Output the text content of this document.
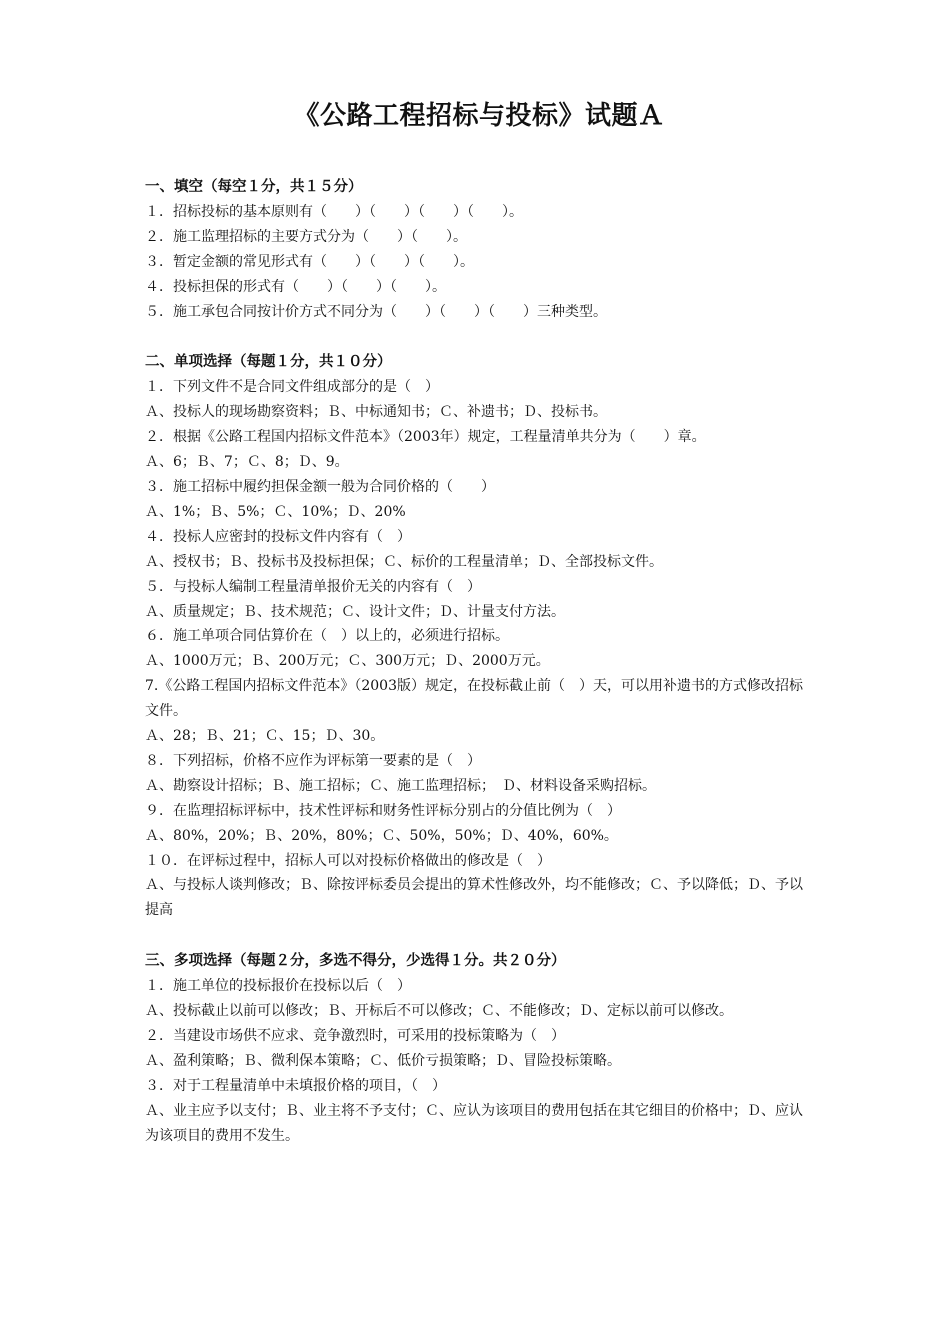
《公路工程招标与投标》试题Ａ
一、填空（每空１分，共１５分）
１．招标投标的基本原则有（　　）（　　）（　　）（　　）。
２．施工监理招标的主要方式分为（　　）（　　）。
３．暂定金额的常见形式有（　　）（　　）（　　）。
４．投标担保的形式有（　　）（　　）（　　）。
５．施工承包合同按计价方式不同分为（　　）（　　）（　　）三种类型。
二、单项选择（每题１分，共１０分）
１．下列文件不是合同文件组成部分的是（　）
Ａ、投标人的现场勘察资料；Ｂ、中标通知书；Ｃ、补遗书；Ｄ、投标书。
２．根据《公路工程国内招标文件范本》（2003年）规定，工程量清单共分为（　　）章。
Ａ、6；Ｂ、7；Ｃ、8；Ｄ、9。
３．施工招标中履约担保金额一般为合同价格的（　　）
Ａ、1%；Ｂ、5%；Ｃ、10%；Ｄ、20%
４．投标人应密封的投标文件内容有（　）
Ａ、授权书；Ｂ、投标书及投标担保；Ｃ、标价的工程量清单；Ｄ、全部投标文件。
５．与投标人编制工程量清单报价无关的内容有（　）
Ａ、质量规定；Ｂ、技术规范；Ｃ、设计文件；Ｄ、计量支付方法。
６．施工单项合同估算价在（　）以上的，必须进行招标。
Ａ、1000万元；Ｂ、200万元；Ｃ、300万元；Ｄ、2000万元。
7.《公路工程国内招标文件范本》（2003版）规定，在投标截止前（　）天，可以用补遗书的方式修改招标文件。
Ａ、28；Ｂ、21；Ｃ、15；Ｄ、30。
８．下列招标，价格不应作为评标第一要素的是（　）
Ａ、勘察设计招标；Ｂ、施工招标；Ｃ、施工监理招标；　Ｄ、材料设备采购招标。
９．在监理招标评标中，技术性评标和财务性评标分别占的分值比例为（　）
Ａ、80%，20%；Ｂ、20%，80%；Ｃ、50%，50%；Ｄ、40%，60%。
１０．在评标过程中，招标人可以对投标价格做出的修改是（　）
Ａ、与投标人谈判修改；Ｂ、除按评标委员会提出的算术性修改外，均不能修改；Ｃ、予以降低；Ｄ、予以提高
三、多项选择（每题２分，多选不得分，少选得１分。共２０分）
１．施工单位的投标报价在投标以后（　）
Ａ、投标截止以前可以修改；Ｂ、开标后不可以修改；Ｃ、不能修改；Ｄ、定标以前可以修改。
２．当建设市场供不应求、竞争激烈时，可采用的投标策略为（　）
Ａ、盈利策略；Ｂ、微利保本策略；Ｃ、低价亏损策略；Ｄ、冒险投标策略。
３．对于工程量清单中未填报价格的项目，（　）
Ａ、业主应予以支付；Ｂ、业主将不予支付；Ｃ、应认为该项目的费用包括在其它细目的价格中；Ｄ、应认为该项目的费用不发生。
